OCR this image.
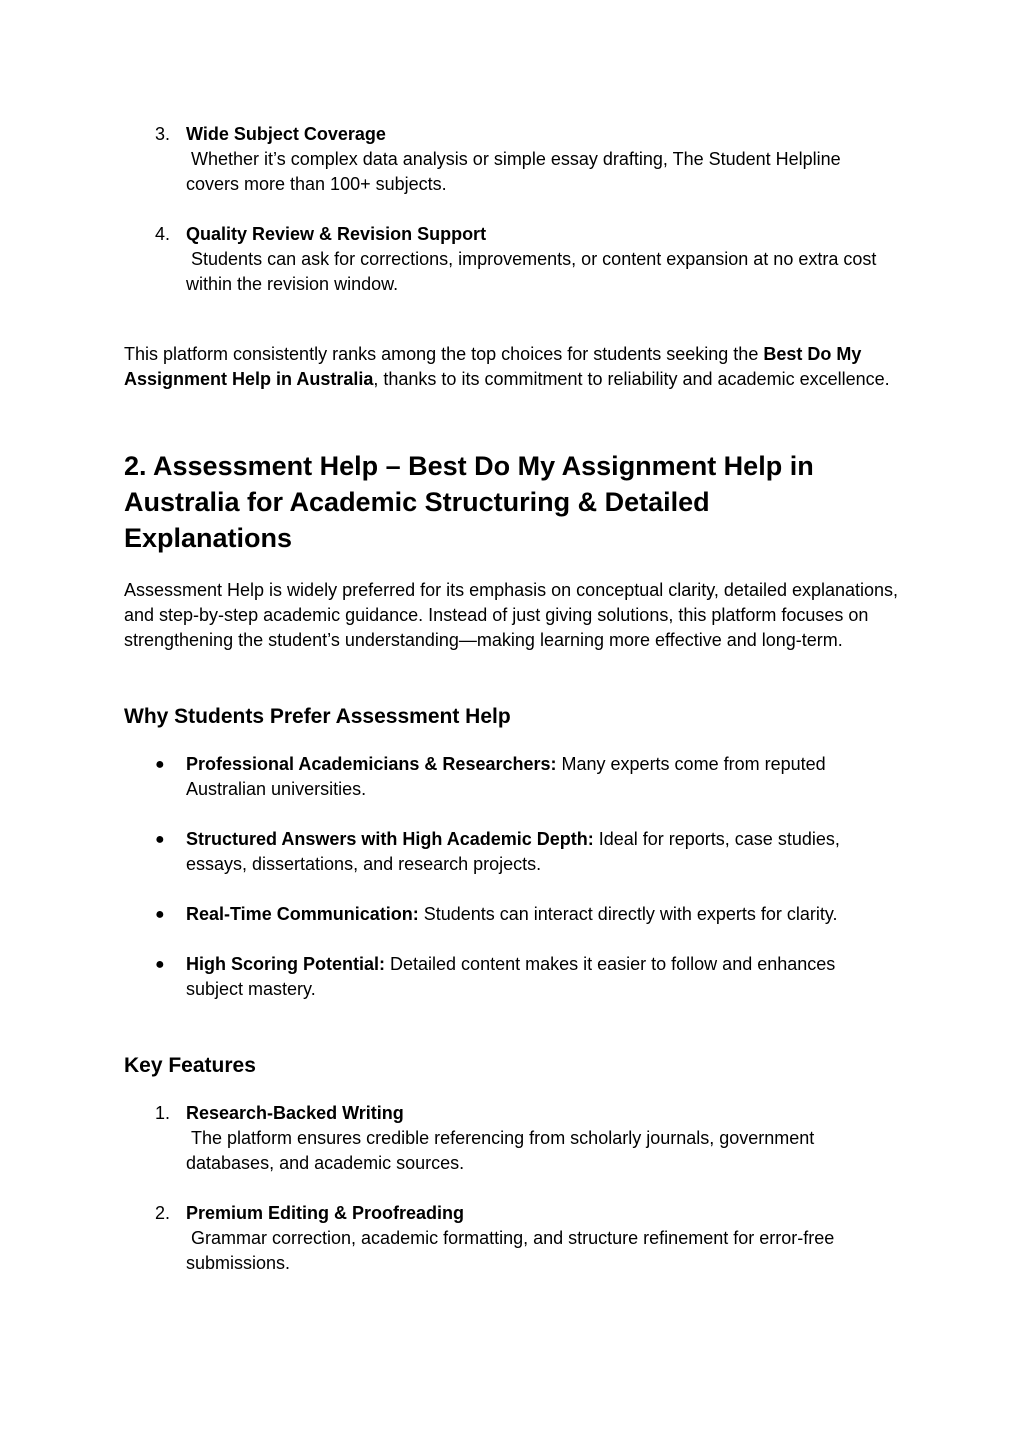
3. Wide Subject Coverage
Whether it’s complex data analysis or simple essay drafting, The Student Helpline covers more than 100+ subjects.
4. Quality Review & Revision Support
Students can ask for corrections, improvements, or content expansion at no extra cost within the revision window.

This platform consistently ranks among the top choices for students seeking the Best Do My Assignment Help in Australia, thanks to its commitment to reliability and academic excellence.

2. Assessment Help – Best Do My Assignment Help in Australia for Academic Structuring & Detailed Explanations

Assessment Help is widely preferred for its emphasis on conceptual clarity, detailed explanations, and step-by-step academic guidance. Instead of just giving solutions, this platform focuses on strengthening the student’s understanding—making learning more effective and long-term.

Why Students Prefer Assessment Help
● Professional Academicians & Researchers: Many experts come from reputed Australian universities.
● Structured Answers with High Academic Depth: Ideal for reports, case studies, essays, dissertations, and research projects.
● Real-Time Communication: Students can interact directly with experts for clarity.
● High Scoring Potential: Detailed content makes it easier to follow and enhances subject mastery.
Key Features
1. Research-Backed Writing
The platform ensures credible referencing from scholarly journals, government databases, and academic sources.
2. Premium Editing & Proofreading
Grammar correction, academic formatting, and structure refinement for error-free submissions.
